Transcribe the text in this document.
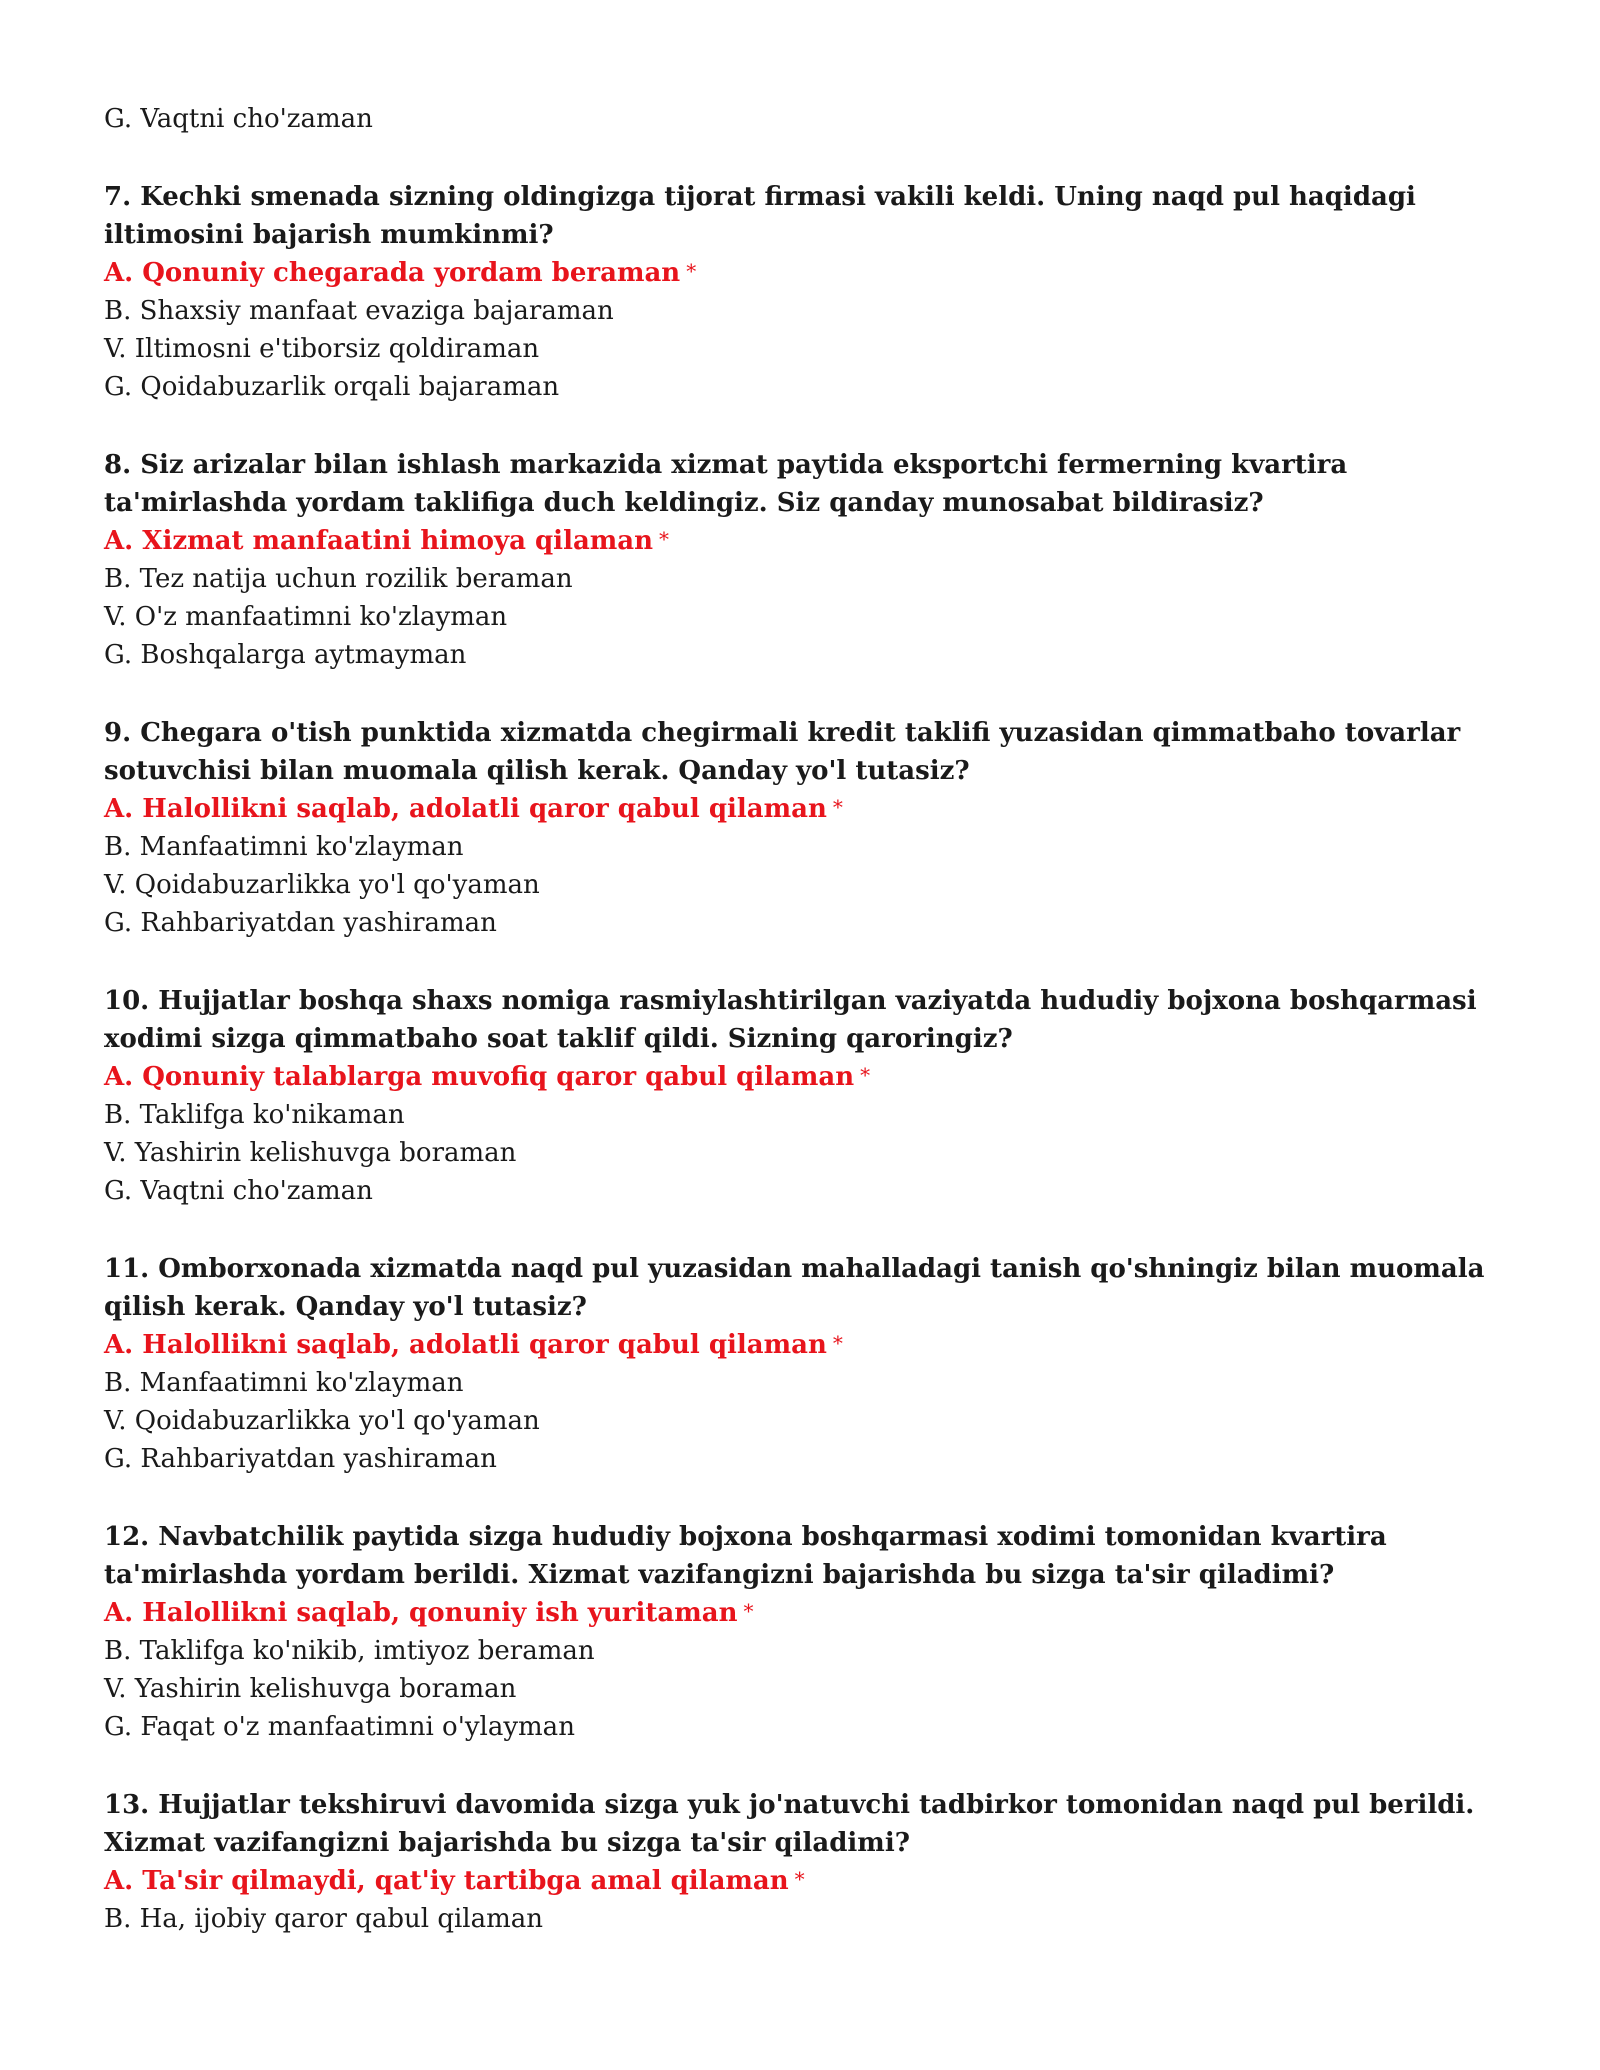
G. Vaqtni cho'zaman

7. Kechki smenada sizning oldingizga tijorat firmasi vakili keldi. Uning naqd pul haqidagi iltimosini bajarish mumkinmi?

A. Qonuniy chegarada yordam beraman *

B. Shaxsiy manfaat evaziga bajaraman

V. Iltimosni e'tiborsiz qoldiraman

G. Qoidabuzarlik orqali bajaraman

8. Siz arizalar bilan ishlash markazida xizmat paytida eksportchi fermerning kvartira ta'mirlashda yordam taklifiga duch keldingiz. Siz qanday munosabat bildirasiz?

A. Xizmat manfaatini himoya qilaman *

B. Tez natija uchun rozilik beraman

V. O'z manfaatimni ko'zlayman

G. Boshqalarga aytmayman

9. Chegara o'tish punktida xizmatda chegirmali kredit taklifi yuzasidan qimmatbaho tovarlar sotuvchisi bilan muomala qilish kerak. Qanday yo'l tutasiz?

A. Halollikni saqlab, adolatli qaror qabul qilaman *

B. Manfaatimni ko'zlayman

V. Qoidabuzarlikka yo'l qo'yaman

G. Rahbariyatdan yashiraman

10. Hujjatlar boshqa shaxs nomiga rasmiylashtirilgan vaziyatda hududiy bojxona boshqarmasi xodimi sizga qimmatbaho soat taklif qildi. Sizning qaroringiz?

A. Qonuniy talablarga muvofiq qaror qabul qilaman *

B. Taklifga ko'nikaman

V. Yashirin kelishuvga boraman

G. Vaqtni cho'zaman

11. Omborxonada xizmatda naqd pul yuzasidan mahalladagi tanish qo'shningiz bilan muomala qilish kerak. Qanday yo'l tutasiz?

A. Halollikni saqlab, adolatli qaror qabul qilaman *

B. Manfaatimni ko'zlayman

V. Qoidabuzarlikka yo'l qo'yaman

G. Rahbariyatdan yashiraman

12. Navbatchilik paytida sizga hududiy bojxona boshqarmasi xodimi tomonidan kvartira ta'mirlashda yordam berildi. Xizmat vazifangizni bajarishda bu sizga ta'sir qiladimi?

A. Halollikni saqlab, qonuniy ish yuritaman *

B. Taklifga ko'nikib, imtiyoz beraman

V. Yashirin kelishuvga boraman

G. Faqat o'z manfaatimni o'ylayman

13. Hujjatlar tekshiruvi davomida sizga yuk jo'natuvchi tadbirkor tomonidan naqd pul berildi. Xizmat vazifangizni bajarishda bu sizga ta'sir qiladimi?

A. Ta'sir qilmaydi, qat'iy tartibga amal qilaman *

B. Ha, ijobiy qaror qabul qilaman
